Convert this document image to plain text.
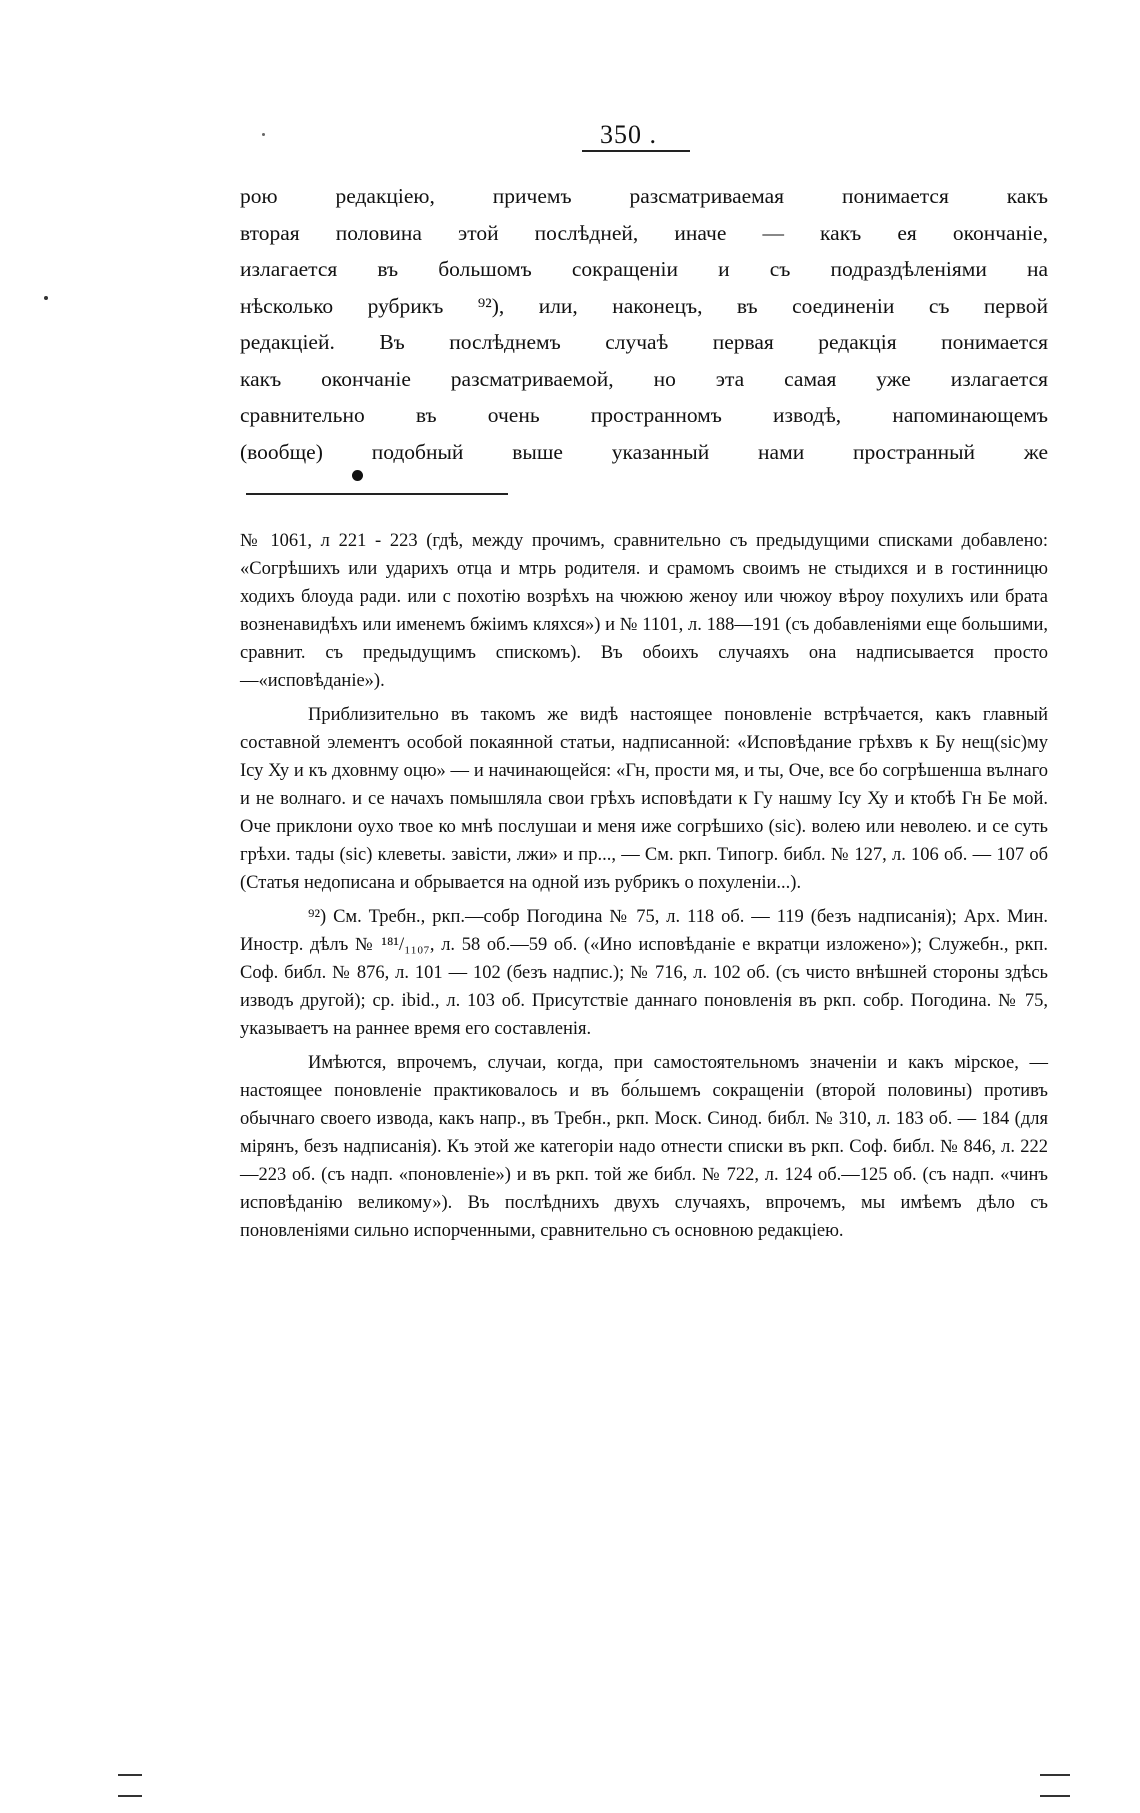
350 .
рою редакціею, причемъ разсматриваемая понимается какъ
вторая половина этой послѣдней, иначе — какъ ея окончаніе,
излагается въ большомъ сокращеніи и съ подраздѣленіями на
нѣсколько рубрикъ ⁹²), или, наконецъ, въ соединеніи съ первой
редакціей. Въ послѣднемъ случаѣ первая редакція понимается
какъ окончаніе разсматриваемой, но эта самая уже излагается
сравнительно въ очень пространномъ изводѣ, напоминающемъ
(вообще) подобный выше указанный нами пространный же

№ 1061, л 221 - 223 (гдѣ, между прочимъ, сравнительно съ предыдущими списками добавлено: «Согрѣшихъ или ударихъ отца и мтрь родителя. и срамомъ своимъ не стыдихся и в гостинницю ходихъ блоуда ради. или с похотію возрѣхъ на чюжюю женоу или чюжоу вѣроу похулихъ или брата возненавидѣхъ или именемъ бжіимъ кляхся») и № 1101, л. 188—191 (съ добавленіями еще большими, сравнит. съ предыдущимъ спискомъ). Въ обоихъ случаяхъ она надписывается просто—«исповѣданіе»).

Приблизительно въ такомъ же видѣ настоящее поновленіе встрѣчается, какъ главный составной элементъ особой покаянной статьи, надписанной: «Исповѣдание грѣхвъ к Бу нещ(sic)му Ісу Ху и къ дховнму оцю» — и начинающейся: «Гн, прости мя, и ты, Оче, все бо согрѣшенша вълнаго и не волнаго. и се начахъ помышляла свои грѣхъ исповѣдати к Гу нашму Ісу Ху и ктобѣ Гн Бе мой. Оче приклони оухо твое ко мнѣ послушаи и меня иже согрѣшихо (sic). волею или неволею. и се суть грѣхи. тады (sic) клеветы. завісти, лжи» и пр..., — См. ркп. Типогр. библ. № 127, л. 106 об. — 107 об (Статья недописана и обрывается на одной изъ рубрикъ о похуленіи...).

⁹²) См. Требн., ркп.—собр Погодина № 75, л. 118 об. — 119 (безъ надписанія); Арх. Мин. Иностр. дѣлъ № ¹⁸¹/₁₁₀₇, л. 58 об.—59 об. («Ино исповѣданіе е вкратци изложено»); Служебн., ркп. Соф. библ. № 876, л. 101 — 102 (безъ надпис.); № 716, л. 102 об. (съ чисто внѣшней стороны здѣсь изводъ другой); ср. ibid., л. 103 об. Присутствіе даннаго поновленія въ ркп. собр. Погодина. № 75, указываетъ на раннее время его составленія.

Имѣются, впрочемъ, случаи, когда, при самостоятельномъ значеніи и какъ мірское, — настоящее поновленіе практиковалось и въ бо́льшемъ сокращеніи (второй половины) противъ обычнаго своего извода, какъ напр., въ Требн., ркп. Моск. Синод. библ. № 310, л. 183 об. — 184 (для мірянъ, безъ надписанія). Къ этой же категоріи надо отнести списки въ ркп. Соф. библ. № 846, л. 222—223 об. (съ надп. «поновленіе») и въ ркп. той же библ. № 722, л. 124 об.—125 об. (съ надп. «чинъ исповѣданію великому»). Въ послѣднихъ двухъ случаяхъ, впрочемъ, мы имѣемъ дѣло съ поновленіями сильно испорченными, сравнительно съ основною редакціею.
